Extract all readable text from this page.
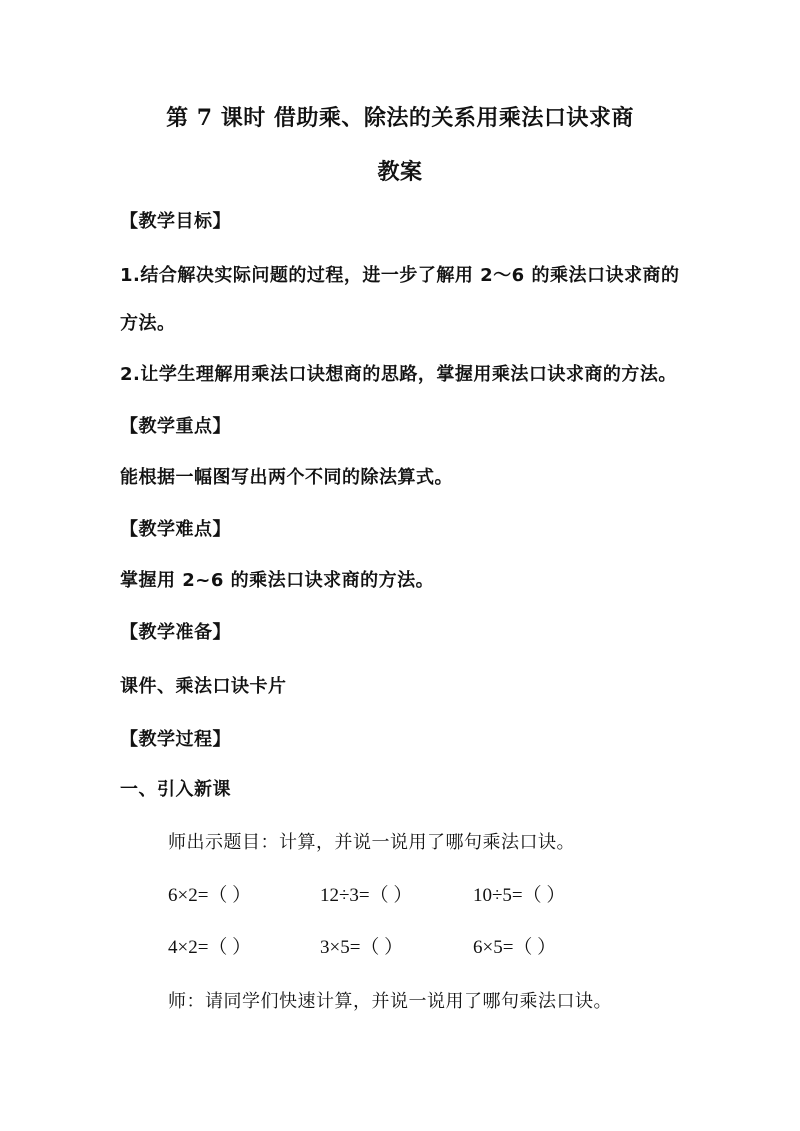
第 7 课时 借助乘、除法的关系用乘法口诀求商
教案
【教学目标】
1.结合解决实际问题的过程，进一步了解用 2～6 的乘法口诀求商的
方法。
2.让学生理解用乘法口诀想商的思路，掌握用乘法口诀求商的方法。
【教学重点】
能根据一幅图写出两个不同的除法算式。
【教学难点】
掌握用 2~6 的乘法口诀求商的方法。
【教学准备】
课件、乘法口诀卡片
【教学过程】
一、引入新课
师出示题目：计算，并说一说用了哪句乘法口诀。
6×2=（ ）	12÷3=（ ）	10÷5=（ ）
4×2=（ ）	3×5=（ ）	6×5=（ ）
师：请同学们快速计算，并说一说用了哪句乘法口诀。
